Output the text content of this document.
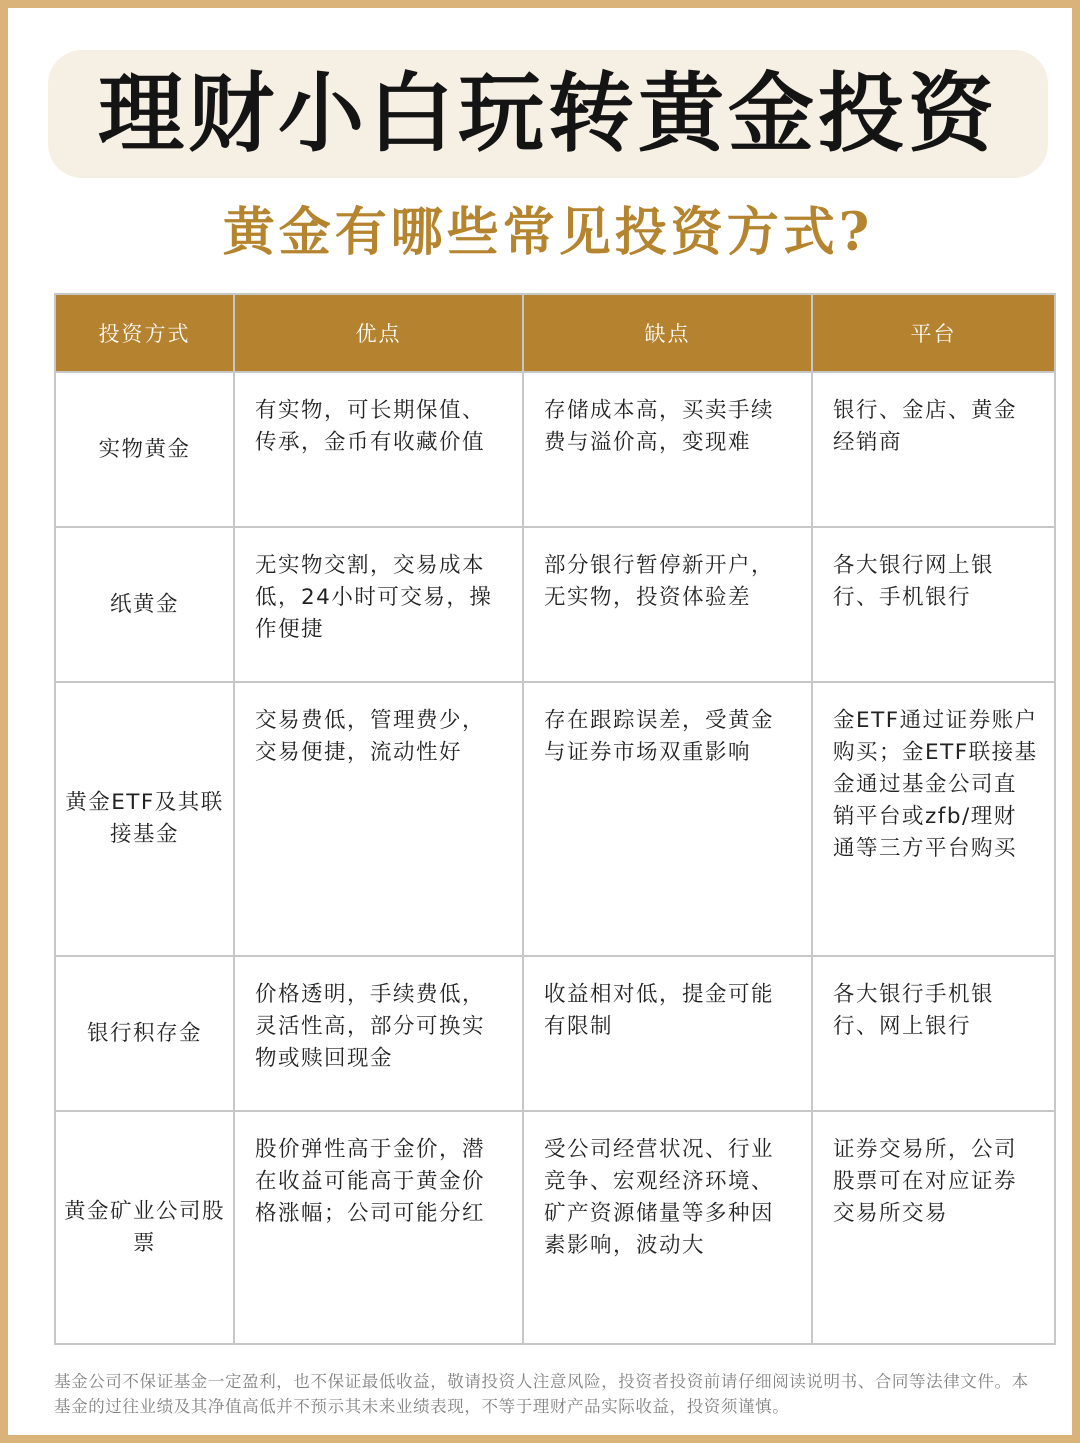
理财小白玩转黄金投资
黄金有哪些常见投资方式?
投资方式	优点	缺点	平台
实物黄金	有实物，可长期保值、传承，金币有收藏价值	存储成本高，买卖手续费与溢价高，变现难	银行、金店、黄金经销商
纸黄金	无实物交割，交易成本低，24小时可交易，操作便捷	部分银行暂停新开户，无实物，投资体验差	各大银行网上银行、手机银行
黄金ETF及其联接基金	交易费低，管理费少，交易便捷，流动性好	存在跟踪误差，受黄金与证券市场双重影响	金ETF通过证券账户购买；金ETF联接基金通过基金公司直销平台或zfb/理财通等三方平台购买
银行积存金	价格透明，手续费低，灵活性高，部分可换实物或赎回现金	收益相对低，提金可能有限制	各大银行手机银行、网上银行
黄金矿业公司股票	股价弹性高于金价，潜在收益可能高于黄金价格涨幅；公司可能分红	受公司经营状况、行业竞争、宏观经济环境、矿产资源储量等多种因素影响，波动大	证券交易所，公司股票可在对应证券交易所交易
基金公司不保证基金一定盈利，也不保证最低收益，敬请投资人注意风险，投资者投资前请仔细阅读说明书、合同等法律文件。本基金的过往业绩及其净值高低并不预示其未来业绩表现，不等于理财产品实际收益，投资须谨慎。
